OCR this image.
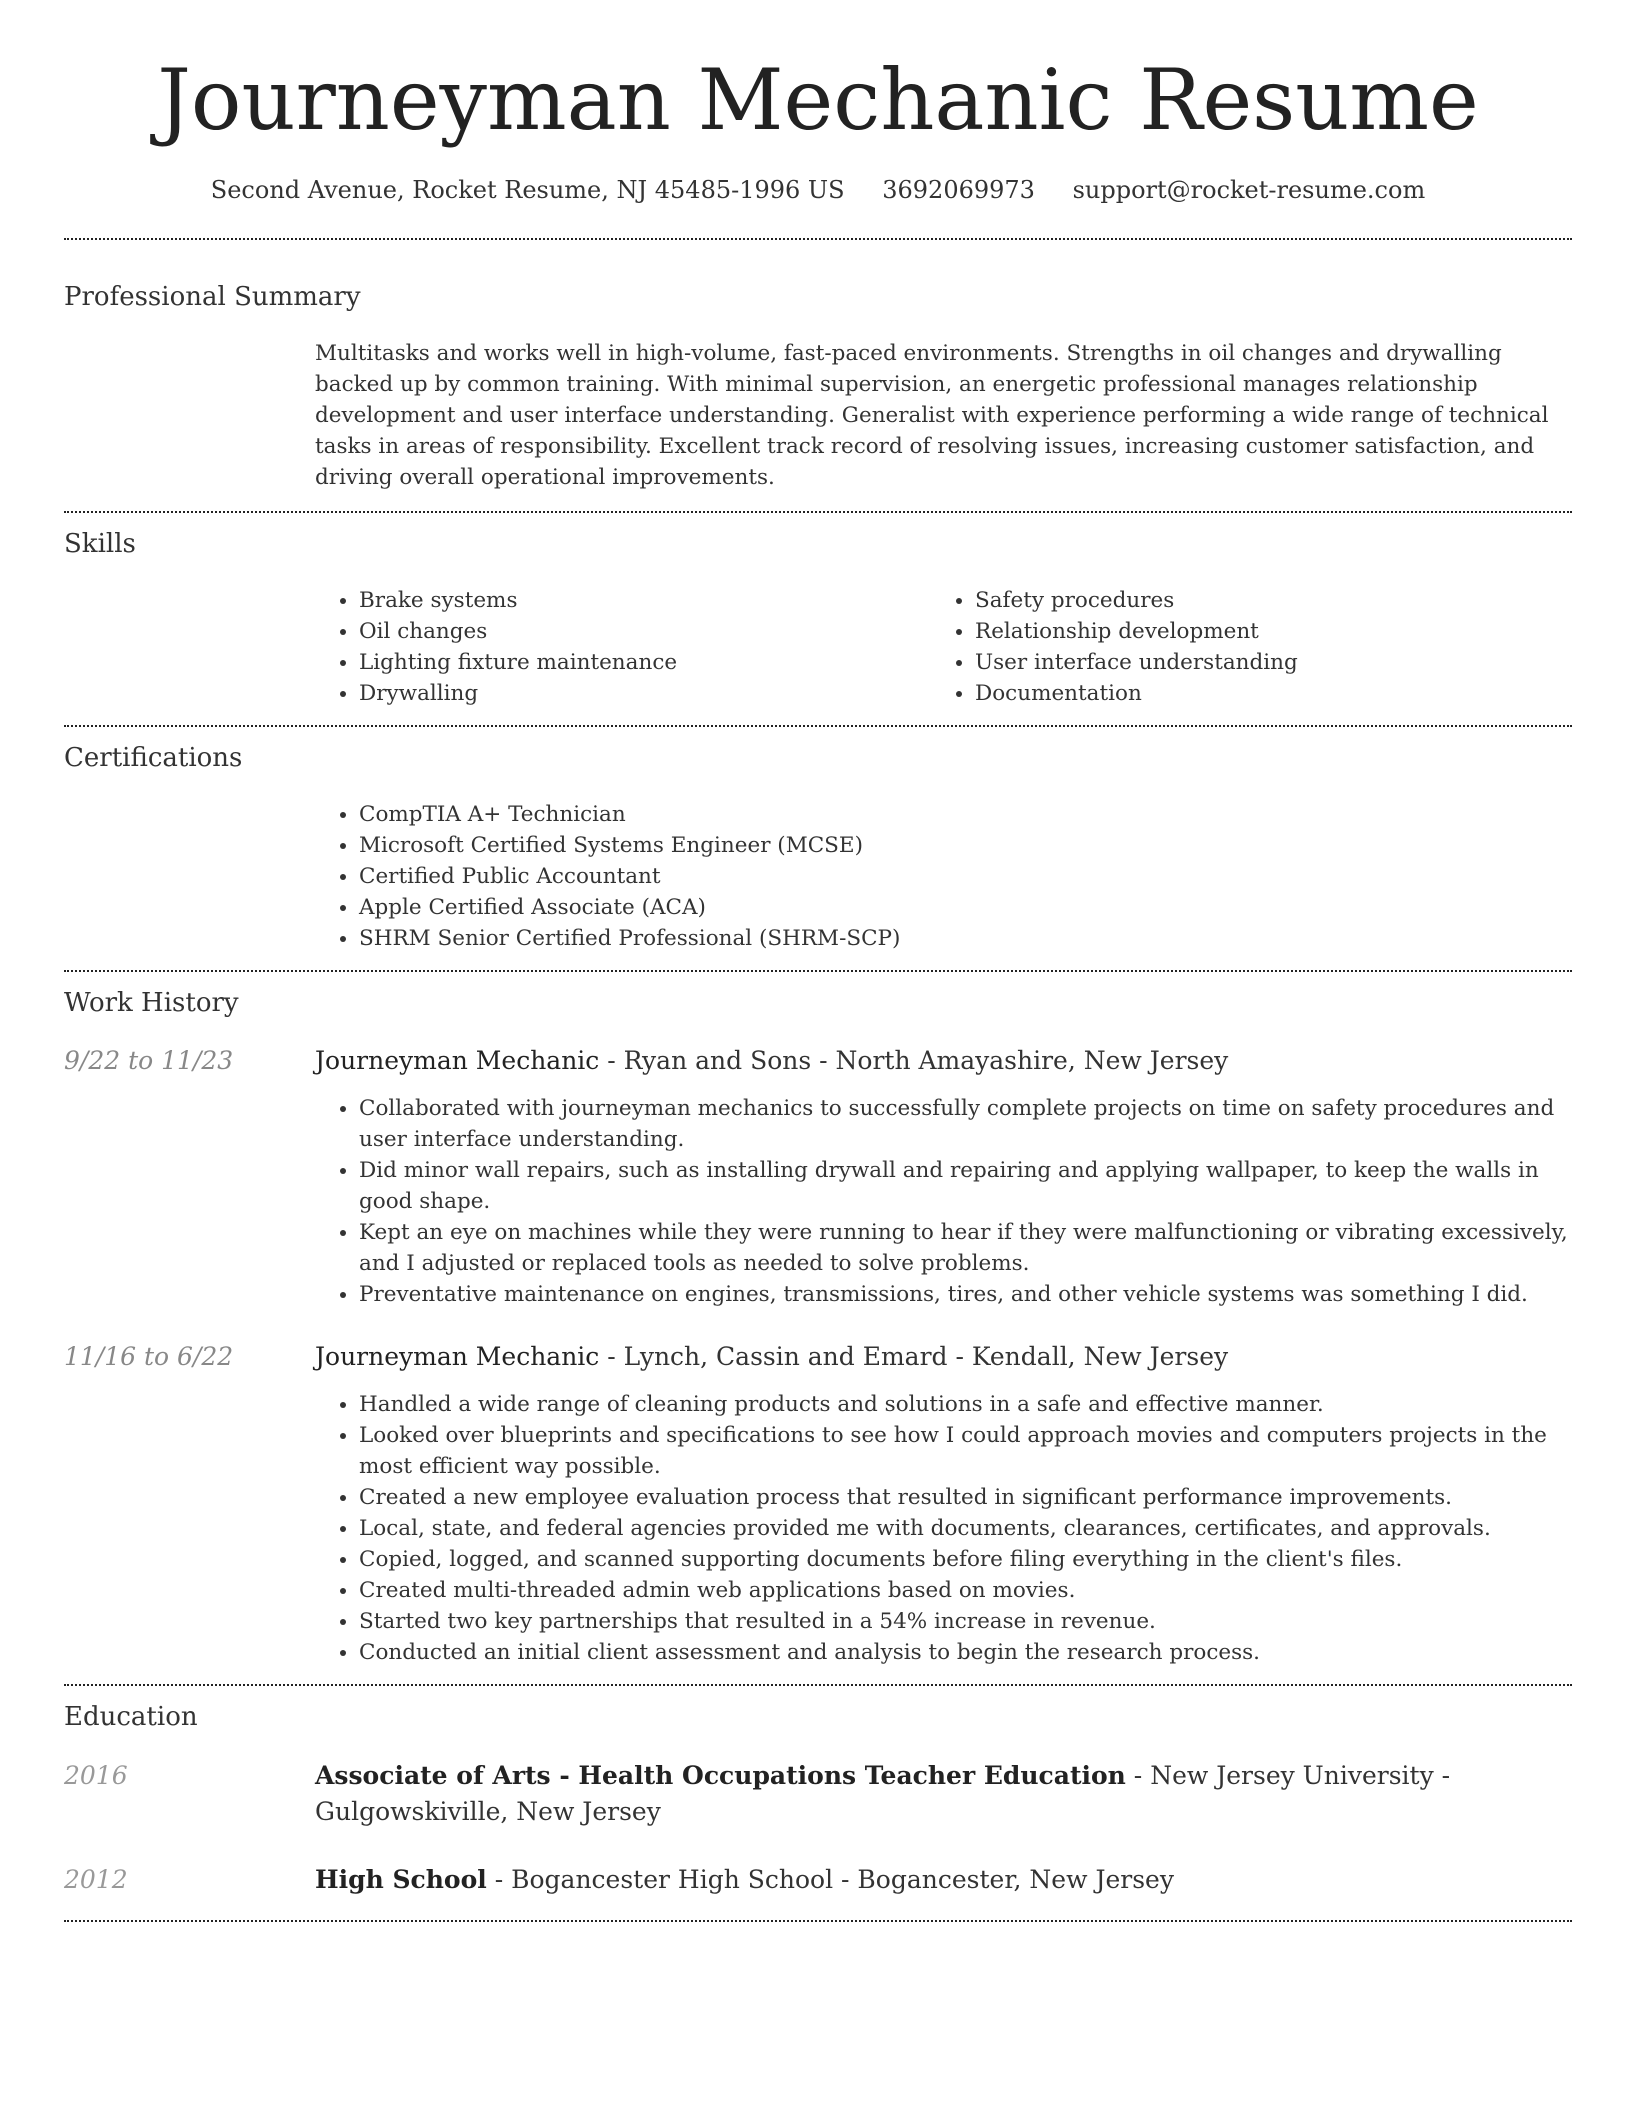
Journeyman Mechanic Resume
Second Avenue, Rocket Resume, NJ 45485-1996 US 3692069973 support@rocket-resume.com
Professional Summary

Multitasks and works well in high-volume, fast-paced environments. Strengths in oil changes and drywalling backed up by common training. With minimal supervision, an energetic professional manages relationship development and user interface understanding. Generalist with experience performing a wide range of technical tasks in areas of responsibility. Excellent track record of resolving issues, increasing customer satisfaction, and driving overall operational improvements.

Skills
• Brake systems
• Oil changes
• Lighting fixture maintenance
• Drywalling
• Safety procedures
• Relationship development
• User interface understanding
• Documentation
Certifications
• CompTIA A+ Technician
• Microsoft Certified Systems Engineer (MCSE)
• Certified Public Accountant
• Apple Certified Associate (ACA)
• SHRM Senior Certified Professional (SHRM-SCP)
Work History
9/22 to 11/23	Journeyman Mechanic - Ryan and Sons - North Amayashire, New Jersey
• Collaborated with journeyman mechanics to successfully complete projects on time on safety procedures and user interface understanding.
• Did minor wall repairs, such as installing drywall and repairing and applying wallpaper, to keep the walls in good shape.
• Kept an eye on machines while they were running to hear if they were malfunctioning or vibrating excessively, and I adjusted or replaced tools as needed to solve problems.
• Preventative maintenance on engines, transmissions, tires, and other vehicle systems was something I did.
11/16 to 6/22	Journeyman Mechanic - Lynch, Cassin and Emard - Kendall, New Jersey
• Handled a wide range of cleaning products and solutions in a safe and effective manner.
• Looked over blueprints and specifications to see how I could approach movies and computers projects in the most efficient way possible.
• Created a new employee evaluation process that resulted in significant performance improvements.
• Local, state, and federal agencies provided me with documents, clearances, certificates, and approvals.
• Copied, logged, and scanned supporting documents before filing everything in the client's files.
• Created multi-threaded admin web applications based on movies.
• Started two key partnerships that resulted in a 54% increase in revenue.
• Conducted an initial client assessment and analysis to begin the research process.
Education
2016	Associate of Arts - Health Occupations Teacher Education - New Jersey University - Gulgowskiville, New Jersey
2012	High School - Bogancester High School - Bogancester, New Jersey
